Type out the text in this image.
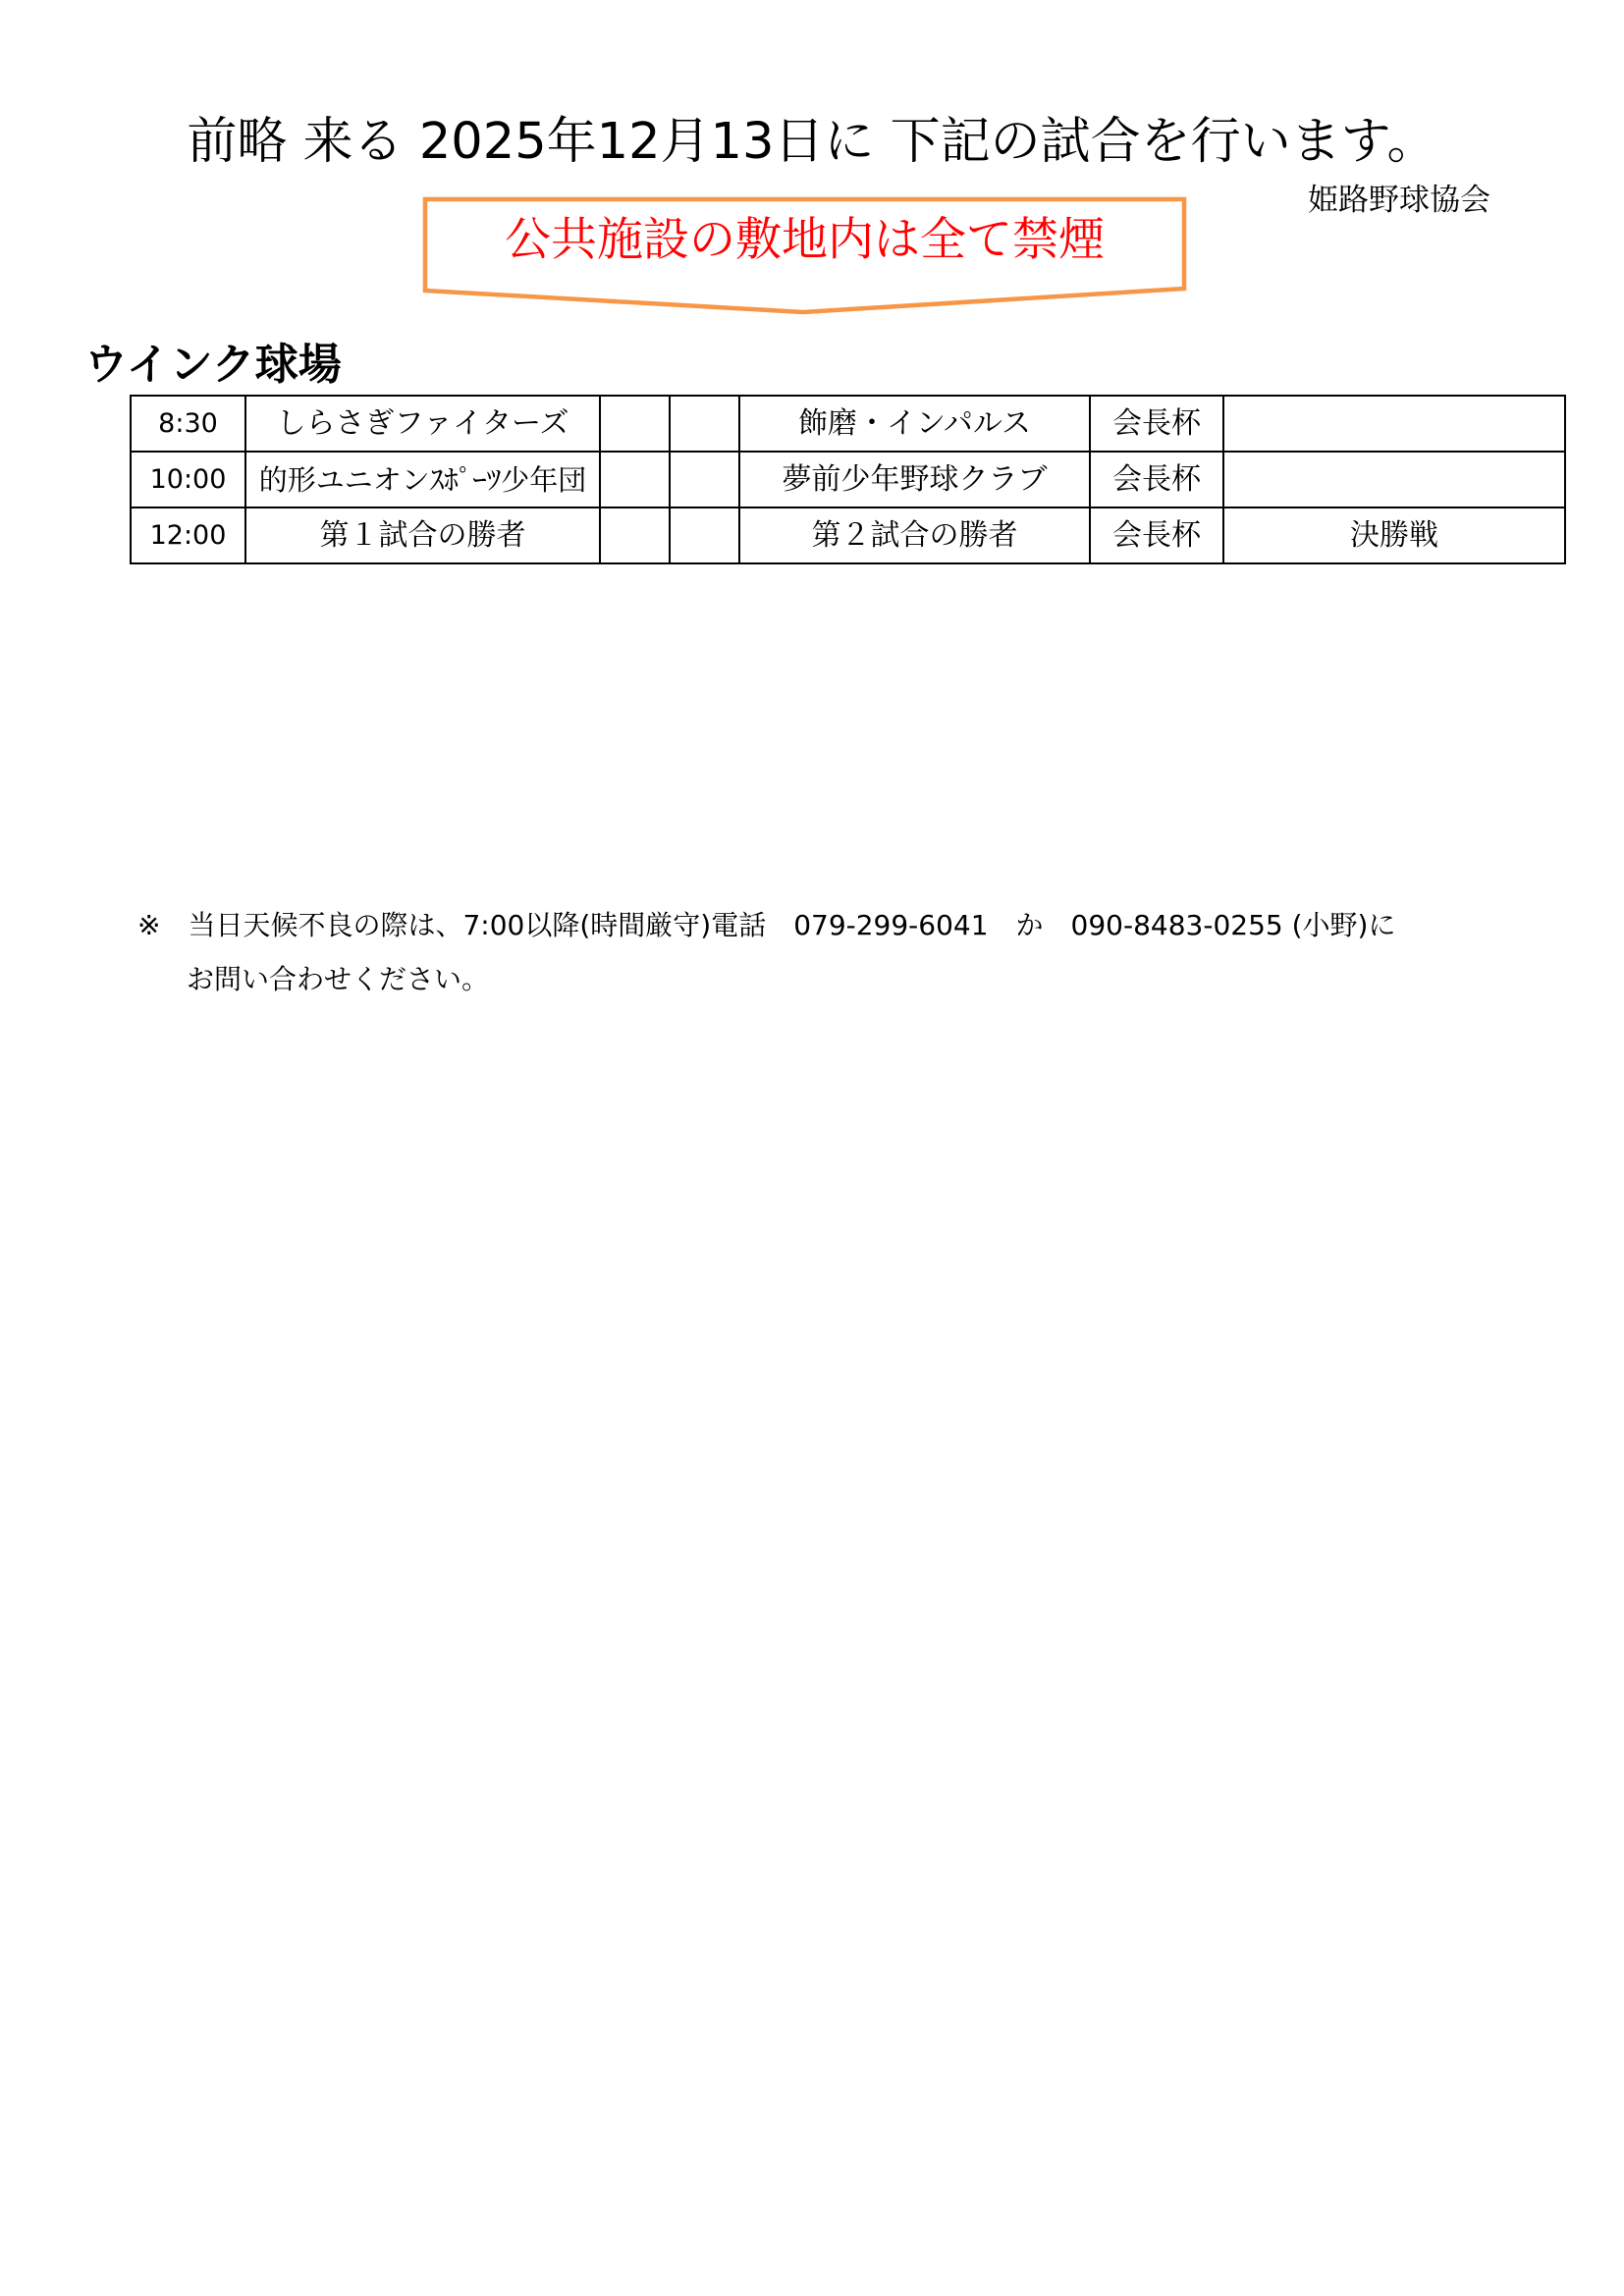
前略 来る 2025年12月13日に 下記の試合を行います。
姫路野球協会
公共施設の敷地内は全て禁煙
ウインク球場
8:30	しらさぎファイターズ			飾磨・インパルス	会長杯	
10:00	的形ユニオンｽﾎﾟｰﾂ少年団			夢前少年野球クラブ	会長杯	
12:00	第１試合の勝者			第２試合の勝者	会長杯	決勝戦
※　当日天候不良の際は、7:00以降(時間厳守)電話　079-299-6041　か　090-8483-0255 (小野)に
お問い合わせください。
